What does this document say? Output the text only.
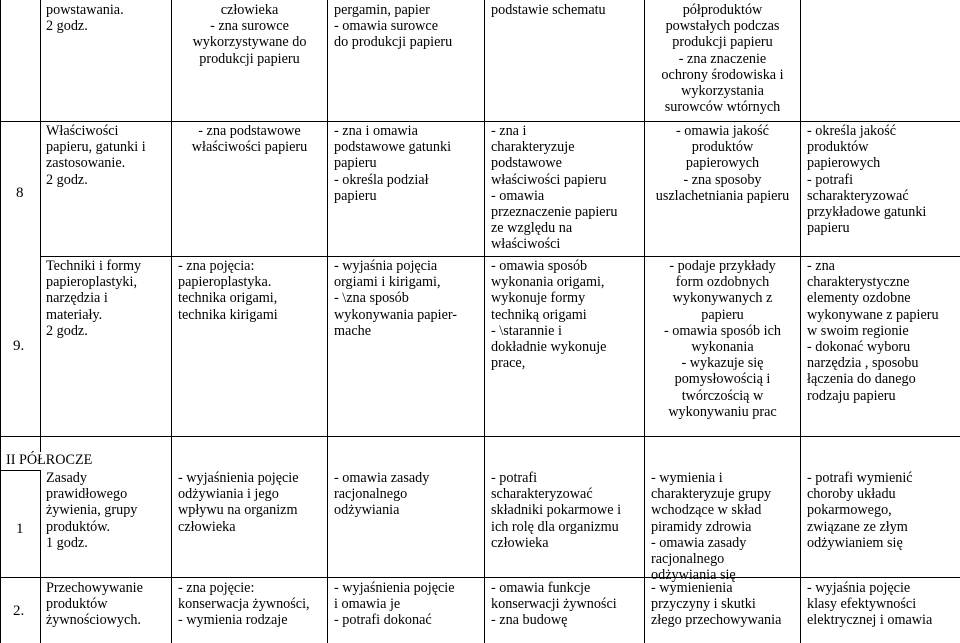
powstawania.
2 godz.
człowieka
- zna surowce
wykorzystywane do
produkcji papieru
pergamin, papier
- omawia surowce
do produkcji papieru
podstawie schematu	półproduktów
powstałych podczas
produkcji papieru
- zna znaczenie
ochrony środowiska i
wykorzystania
surowców wtórnych
8
Właściwości
papieru, gatunki i
zastosowanie.
2 godz.
- zna podstawowe
właściwości papieru
- zna i omawia
podstawowe gatunki
papieru
- określa podział
papieru
- zna i
charakteryzuje
podstawowe
właściwości papieru
- omawia
przeznaczenie papieru
ze względu na
właściwości
- omawia jakość
produktów
papierowych
- zna sposoby
uszlachetniania papieru
- określa jakość
produktów
papierowych
- potrafi
scharakteryzować
przykładowe gatunki
papieru
9.
Techniki i formy
papieroplastyki,
narzędzia i
materiały.
2 godz.
- zna pojęcia:
papieroplastyka.
technika origami,
technika kirigami
- wyjaśnia pojęcia
orgiami i kirigami,
- \zna sposób
wykonywania papier-
mache
- omawia sposób
wykonania origami,
wykonuje formy
techniką origami
- \starannie i
dokładnie wykonuje
prace,
- podaje przykłady
form ozdobnych
wykonywanych z
papieru
- omawia sposób ich
wykonania
- wykazuje się
pomysłowością i
twórczością w
wykonywaniu prac
- zna
charakterystyczne
elementy ozdobne
wykonywane z papieru
w swoim regionie
- dokonać wyboru
narzędzia , sposobu
łączenia do danego
rodzaju papieru
II PÓŁROCZE
1
Zasady
prawidłowego
żywienia, grupy
produktów.
1 godz.
- wyjaśnienia pojęcie
odżywiania i jego
wpływu na organizm
człowieka
- omawia zasady
racjonalnego
odżywiania
- potrafi
scharakteryzować
składniki pokarmowe i
ich rolę dla organizmu
człowieka
- wymienia i
charakteryzuje grupy
wchodzące w skład
piramidy zdrowia
- omawia zasady
racjonalnego
odżywiania się
- potrafi wymienić
choroby układu
pokarmowego,
związane ze złym
odżywianiem się
2.
Przechowywanie
produktów
żywnościowych.
- zna pojęcie:
konserwacja żywności,
- wymienia rodzaje
- wyjaśnienia pojęcie
i omawia je
- potrafi dokonać
- omawia funkcje
konserwacji żywności
- zna budowę
- wymienienia
przyczyny i skutki
złego przechowywania
- wyjaśnia pojęcie
klasy efektywności
elektrycznej i omawia
